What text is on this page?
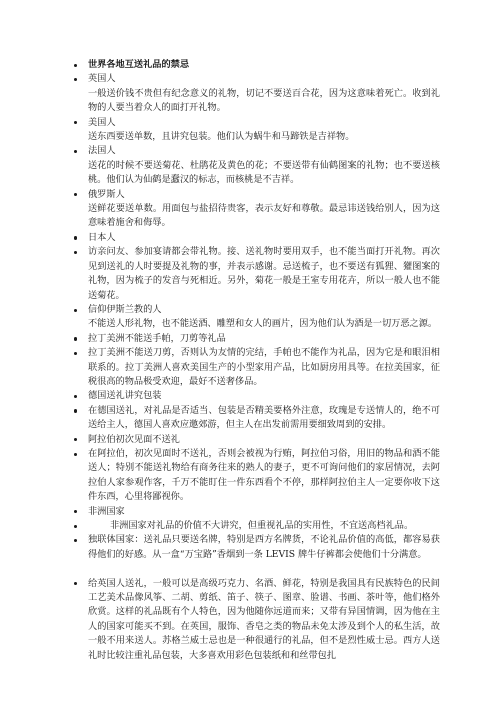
世界各地互送礼品的禁忌
英国人
一般送价钱不贵但有纪念意义的礼物，切记不要送百合花，因为这意味着死亡。收到礼物的人要当着众人的面打开礼物。
美国人
送东西要送单数，且讲究包装。他们认为蜗牛和马蹄铁是吉祥物。
法国人
送花的时候不要送菊花、杜鹃花及黄色的花；不要送带有仙鹤图案的礼物；也不要送核桃。他们认为仙鹤是蠢汉的标志，而核桃是不吉祥。
俄罗斯人
送鲜花要送单数。用面包与盐招待贵客，表示友好和尊敬。最忌讳送钱给别人，因为这意味着施舍和侮辱。
日本人
访亲问友、参加宴请都会带礼物。接、送礼物时要用双手，也不能当面打开礼物。再次见到送礼的人时要提及礼物的事，并表示感谢。忌送梳子，也不要送有狐狸、獾图案的礼物，因为梳子的发音与死相近。另外，菊花一般是王室专用花卉，所以一般人也不能送菊花。
信仰伊斯兰教的人
不能送人形礼物，也不能送酒、雕塑和女人的画片，因为他们认为酒是一切万恶之源。
拉丁美洲不能送手帕，刀剪等礼品
拉丁美洲不能送刀剪，否则认为友情的完结，手帕也不能作为礼品，因为它是和眼泪相联系的。拉丁美洲人喜欢美国生产的小型家用产品，比如厨房用具等。在拉美国家，征税很高的物品极受欢迎，最好不送奢侈品。
德国送礼讲究包装
在德国送礼，对礼品是否适当、包装是否精美要格外注意，玫瑰是专送情人的，绝不可送给主人，德国人喜欢应邀郊游，但主人在出发前需用要细致周到的安排。
阿拉伯初次见面不送礼
在阿拉伯，初次见面时不送礼，否则会被视为行贿，阿拉伯习俗，用旧的物品和酒不能送人；特别不能送礼物给有商务往来的熟人的妻子，更不可询问他们的家居情况，去阿拉伯人家参观作客，千万不能盯住一件东西看个不停，那样阿拉伯主人一定要你收下这件东西，心里将鄙视你。
非洲国家
非洲国家对礼品的价值不大讲究，但重视礼品的实用性，不宜送高档礼品。
独联体国家：送礼品只要送名牌，特别是西方名牌货，不论礼品价值的高低，都容易获得他们的好感。从一盒“万宝路”香烟到一条 LEVIS 牌牛仔裤都会使他们十分满意。
给英国人送礼，一般可以是高级巧克力、名酒、鲜花，特别是我国具有民族特色的民间工艺美术品像风筝、二胡、剪纸、笛子、筷子、图章、脸谱、书画、茶叶等，他们格外欣赏。这样的礼品既有个人特色，因为他随你远道而来；又带有异国情调，因为他在主人的国家可能买不到。在英国，服饰、香皂之类的物品未免太涉及到个人的私生活，故一般不用来送人。苏格兰威士忌也是一种很通行的礼品，但不是烈性威士忌。西方人送礼时比较注重礼品包装，大多喜欢用彩色包装纸和和丝带包扎
